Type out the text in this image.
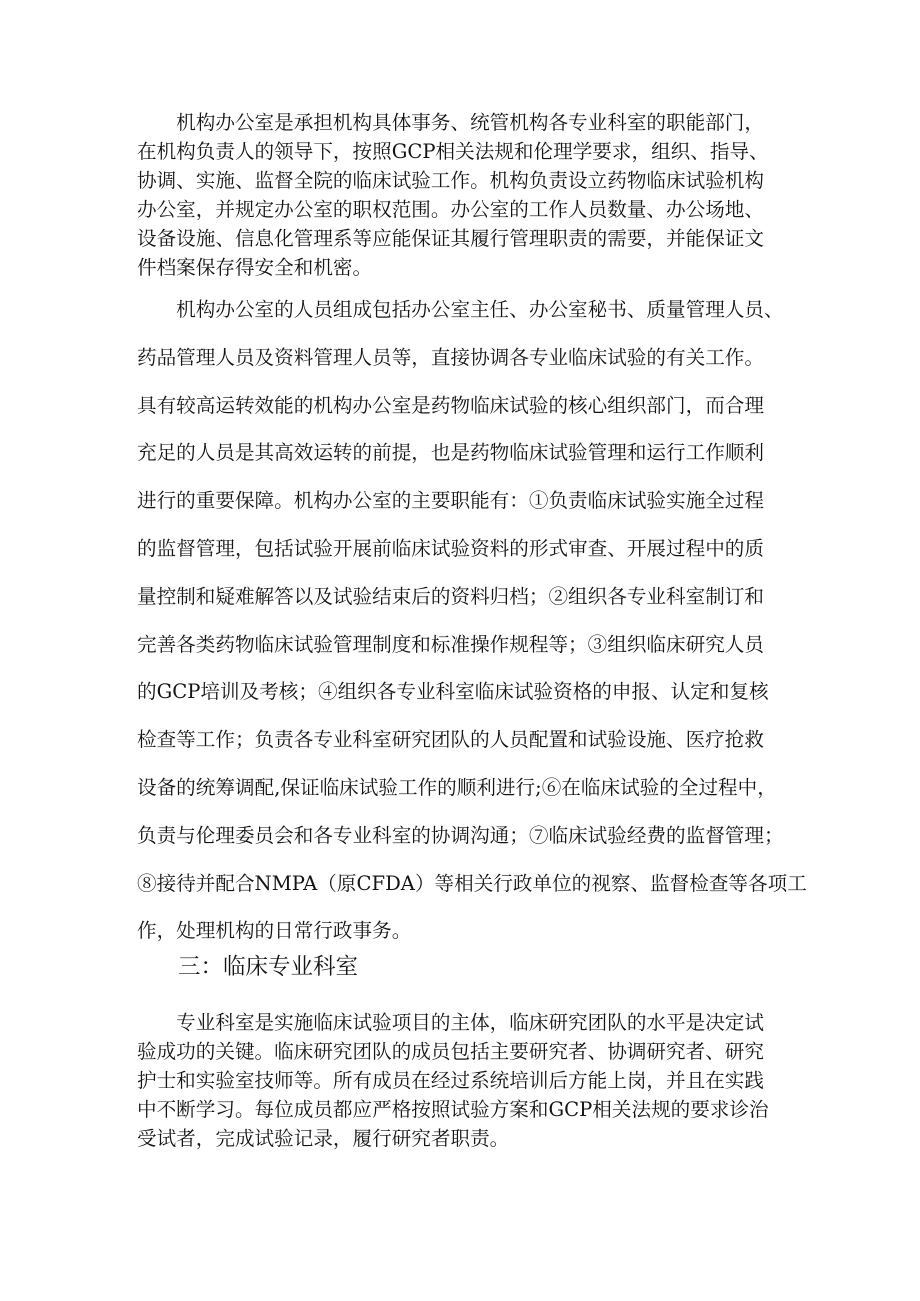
　　机构办公室是承担机构具体事务、统管机构各专业科室的职能部门，
在机构负责人的领导下，按照GCP相关法规和伦理学要求，组织、指导、
协调、实施、监督全院的临床试验工作。机构负责设立药物临床试验机构
办公室，并规定办公室的职权范围。办公室的工作人员数量、办公场地、
设备设施、信息化管理系等应能保证其履行管理职责的需要，并能保证文
件档案保存得安全和机密。
　　机构办公室的人员组成包括办公室主任、办公室秘书、质量管理人员、
药品管理人员及资料管理人员等，直接协调各专业临床试验的有关工作。
具有较高运转效能的机构办公室是药物临床试验的核心组织部门，而合理
充足的人员是其高效运转的前提，也是药物临床试验管理和运行工作顺利
进行的重要保障。机构办公室的主要职能有：①负责临床试验实施全过程
的监督管理，包括试验开展前临床试验资料的形式审查、开展过程中的质
量控制和疑难解答以及试验结束后的资料归档；②组织各专业科室制订和
完善各类药物临床试验管理制度和标准操作规程等；③组织临床研究人员
的GCP培训及考核；④组织各专业科室临床试验资格的申报、认定和复核
检查等工作；负责各专业科室研究团队的人员配置和试验设施、医疗抢救
设备的统筹调配,保证临床试验工作的顺利进行;⑥在临床试验的全过程中，
负责与伦理委员会和各专业科室的协调沟通；⑦临床试验经费的监督管理；
⑧接待并配合NMPA（原CFDA）等相关行政单位的视察、监督检查等各项工
作，处理机构的日常行政事务。
三：临床专业科室
　　专业科室是实施临床试验项目的主体，临床研究团队的水平是决定试
验成功的关键。临床研究团队的成员包括主要研究者、协调研究者、研究
护士和实验室技师等。所有成员在经过系统培训后方能上岗，并且在实践
中不断学习。每位成员都应严格按照试验方案和GCP相关法规的要求诊治
受试者，完成试验记录，履行研究者职责。
